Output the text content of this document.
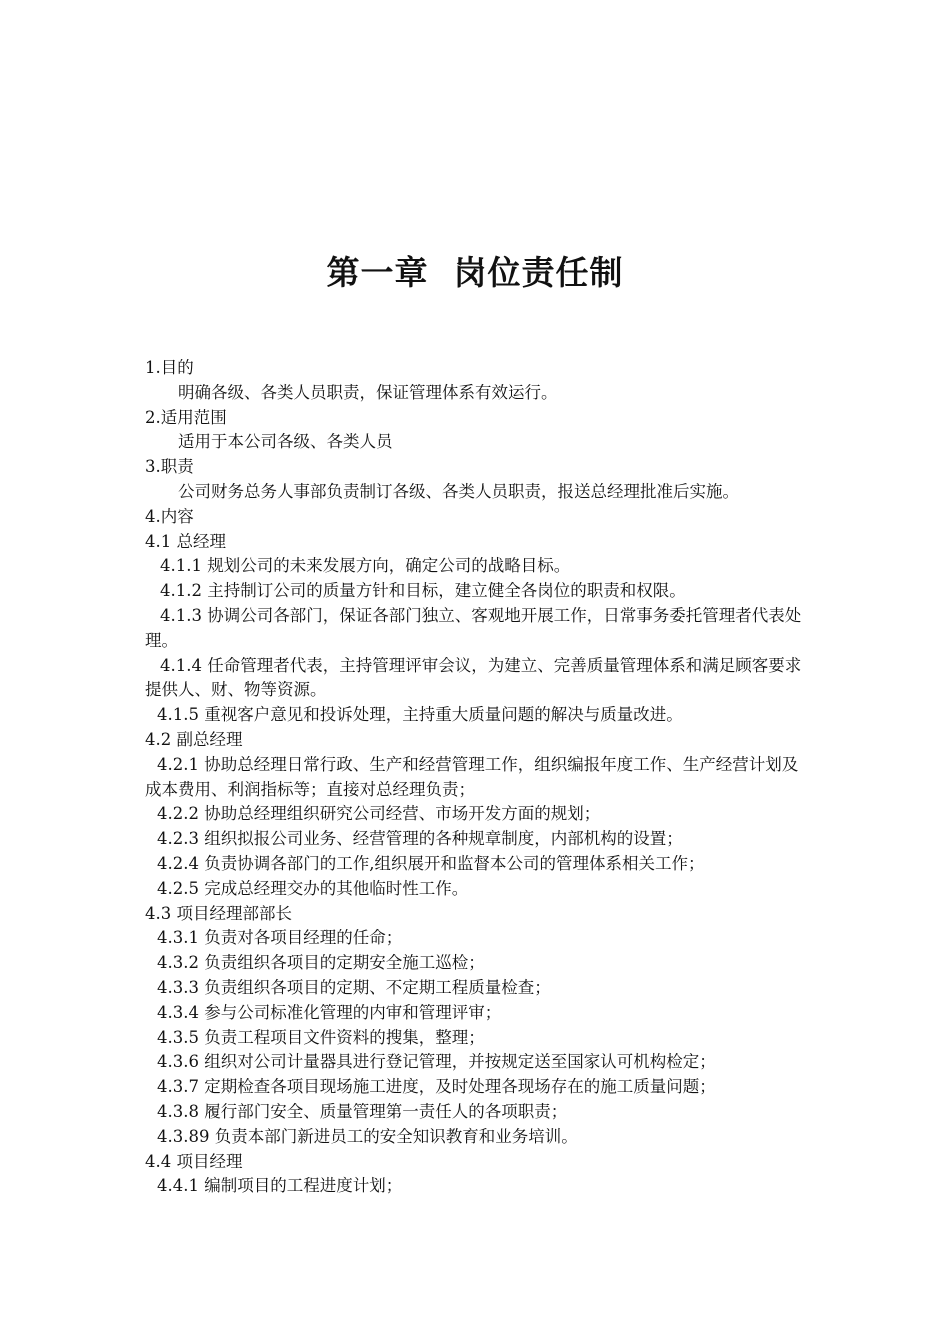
第一章  岗位责任制

1.目的

明确各级、各类人员职责，保证管理体系有效运行。

2.适用范围

适用于本公司各级、各类人员

3.职责

公司财务总务人事部负责制订各级、各类人员职责，报送总经理批准后实施。

4.内容

4.1 总经理

4.1.1 规划公司的未来发展方向，确定公司的战略目标。

4.1.2 主持制订公司的质量方针和目标，建立健全各岗位的职责和权限。

4.1.3 协调公司各部门，保证各部门独立、客观地开展工作，日常事务委托管理者代表处理。

4.1.4 任命管理者代表，主持管理评审会议，为建立、完善质量管理体系和满足顾客要求提供人、财、物等资源。

4.1.5 重视客户意见和投诉处理，主持重大质量问题的解决与质量改进。

4.2 副总经理

4.2.1 协助总经理日常行政、生产和经营管理工作，组织编报年度工作、生产经营计划及成本费用、利润指标等；直接对总经理负责；

4.2.2 协助总经理组织研究公司经营、市场开发方面的规划；

4.2.3 组织拟报公司业务、经营管理的各种规章制度，内部机构的设置；

4.2.4 负责协调各部门的工作,组织展开和监督本公司的管理体系相关工作；

4.2.5 完成总经理交办的其他临时性工作。

4.3 项目经理部部长

4.3.1 负责对各项目经理的任命；

4.3.2 负责组织各项目的定期安全施工巡检；

4.3.3 负责组织各项目的定期、不定期工程质量检查；

4.3.4 参与公司标准化管理的内审和管理评审；

4.3.5 负责工程项目文件资料的搜集，整理；

4.3.6 组织对公司计量器具进行登记管理，并按规定送至国家认可机构检定；

4.3.7 定期检查各项目现场施工进度，及时处理各现场存在的施工质量问题；

4.3.8 履行部门安全、质量管理第一责任人的各项职责；

4.3.89 负责本部门新进员工的安全知识教育和业务培训。

4.4 项目经理

4.4.1 编制项目的工程进度计划；
